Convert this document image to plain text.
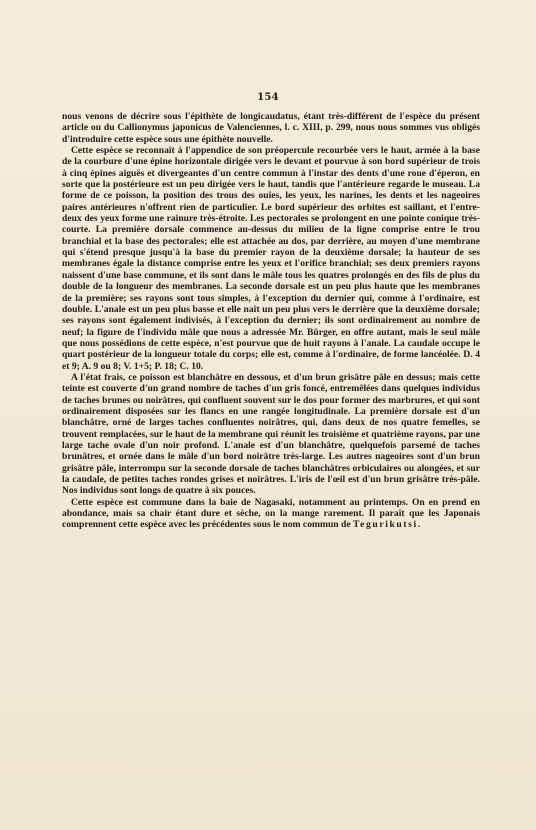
154

nous venons de décrire sous l'épithète de longicaudatus, étant très-différent de l'espèce du présent article ou du Callionymus japonicus de Valenciennes, l. c. XIII, p. 299, nous nous sommes vus obligés d'introduire cette espèce sous une épithète nouvelle.

Cette espèce se reconnaît à l'appendice de son préopercule recourbée vers le haut, armée à la base de la courbure d'une épine horizontale dirigée vers le devant et pourvue à son bord supérieur de trois à cinq épines aiguës et divergeantes d'un centre commun à l'instar des dents d'une roue d'éperon, en sorte que la postérieure est un peu dirigée vers le haut, tandis que l'antérieure regarde le museau. La forme de ce poisson, la position des trous des ouïes, les yeux, les narines, les dents et les nageoires paires antérieures n'offrent rien de particulier. Le bord supérieur des orbites est saillant, et l'entre-deux des yeux forme une rainure très-étroite. Les pectorales se prolongent en une pointe conique très-courte. La première dorsale commence au-dessus du milieu de la ligne comprise entre le trou branchial et la base des pectorales; elle est attachée au dos, par derrière, au moyen d'une membrane qui s'étend presque jusqu'à la base du premier rayon de la deuxième dorsale; la hauteur de ses membranes égale la distance comprise entre les yeux et l'orifice branchial; ses deux premiers rayons naissent d'une base commune, et ils sont dans le mâle tous les quatres prolongés en des fils de plus du double de la longueur des membranes. La seconde dorsale est un peu plus haute que les membranes de la première; ses rayons sont tous simples, à l'exception du dernier qui, comme à l'ordinaire, est double. L'anale est un peu plus basse et elle naît un peu plus vers le derrière que la deuxième dorsale; ses rayons sont également indivisés, à l'exception du dernier; ils sont ordinairement au nombre de neuf; la figure de l'individu mâle que nous a adressée Mr. Bürger, en offre autant, mais le seul mâle que nous possédions de cette espèce, n'est pourvue que de huit rayons à l'anale. La caudale occupe le quart postérieur de la longueur totale du corps; elle est, comme à l'ordinaire, de forme lancéolée. D. 4 et 9; A. 9 ou 8; V. 1+5; P. 18; C. 10.

A l'état frais, ce poisson est blanchâtre en dessous, et d'un brun grisâtre pâle en dessus; mais cette teinte est couverte d'un grand nombre de taches d'un gris foncé, entremêlées dans quelques individus de taches brunes ou noirâtres, qui confluent souvent sur le dos pour former des marbrures, et qui sont ordinairement disposées sur les flancs en une rangée longitudinale. La première dorsale est d'un blanchâtre, orné de larges taches confluentes noirâtres, qui, dans deux de nos quatre femelles, se trouvent remplacées, sur le haut de la membrane qui réunit les troisième et quatrième rayons, par une large tache ovale d'un noir profond. L'anale est d'un blanchâtre, quelquefois parsemé de taches brunâtres, et ornée dans le mâle d'un bord noirâtre très-large. Les autres nageoires sont d'un brun grisâtre pâle, interrompu sur la seconde dorsale de taches blanchâtres orbiculaires ou alongées, et sur la caudale, de petites taches rondes grises et noirâtres. L'iris de l'œil est d'un brun grisâtre très-pâle. Nos individus sont longs de quatre à six pouces.

Cette espèce est commune dans la baie de Nagasaki, notamment au printemps. On en prend en abondance, mais sa chair étant dure et sèche, on la mange rarement. Il paraît que les Japonais comprennent cette espèce avec les précédentes sous le nom commun de Tegurikutsi.
